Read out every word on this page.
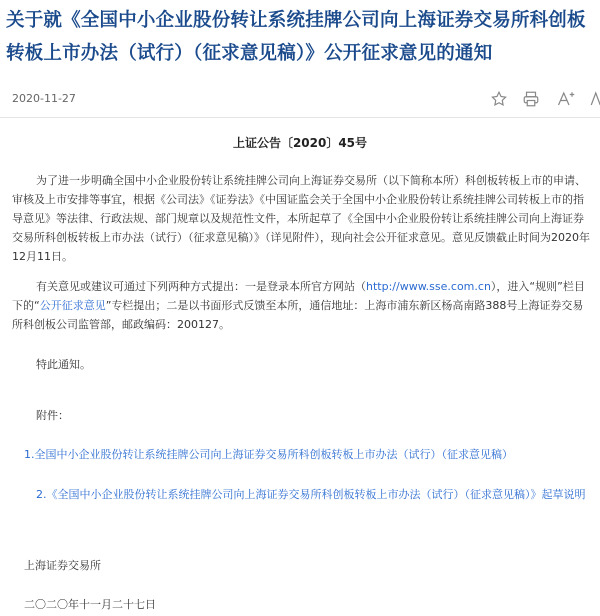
关于就《全国中小企业股份转让系统挂牌公司向上海证券交易所科创板转板上市办法（试行）（征求意见稿）》公开征求意见的通知
2020-11-27
上证公告〔2020〕45号
为了进一步明确全国中小企业股份转让系统挂牌公司向上海证券交易所（以下简称本所）科创板转板上市的申请、审核及上市安排等事宜，根据《公司法》《证券法》《中国证监会关于全国中小企业股份转让系统挂牌公司转板上市的指导意见》等法律、行政法规、部门规章以及规范性文件，本所起草了《全国中小企业股份转让系统挂牌公司向上海证券交易所科创板转板上市办法（试行）（征求意见稿）》（详见附件），现向社会公开征求意见。意见反馈截止时间为2020年12月11日。
有关意见或建议可通过下列两种方式提出：一是登录本所官方网站（http://www.sse.com.cn），进入“规则”栏目下的“公开征求意见”专栏提出；二是以书面形式反馈至本所，通信地址：上海市浦东新区杨高南路388号上海证券交易所科创板公司监管部，邮政编码：200127。
特此通知。
附件：
1.全国中小企业股份转让系统挂牌公司向上海证券交易所科创板转板上市办法（试行）（征求意见稿）
2.《全国中小企业股份转让系统挂牌公司向上海证券交易所科创板转板上市办法（试行）（征求意见稿）》起草说明
上海证券交易所
二〇二〇年十一月二十七日
